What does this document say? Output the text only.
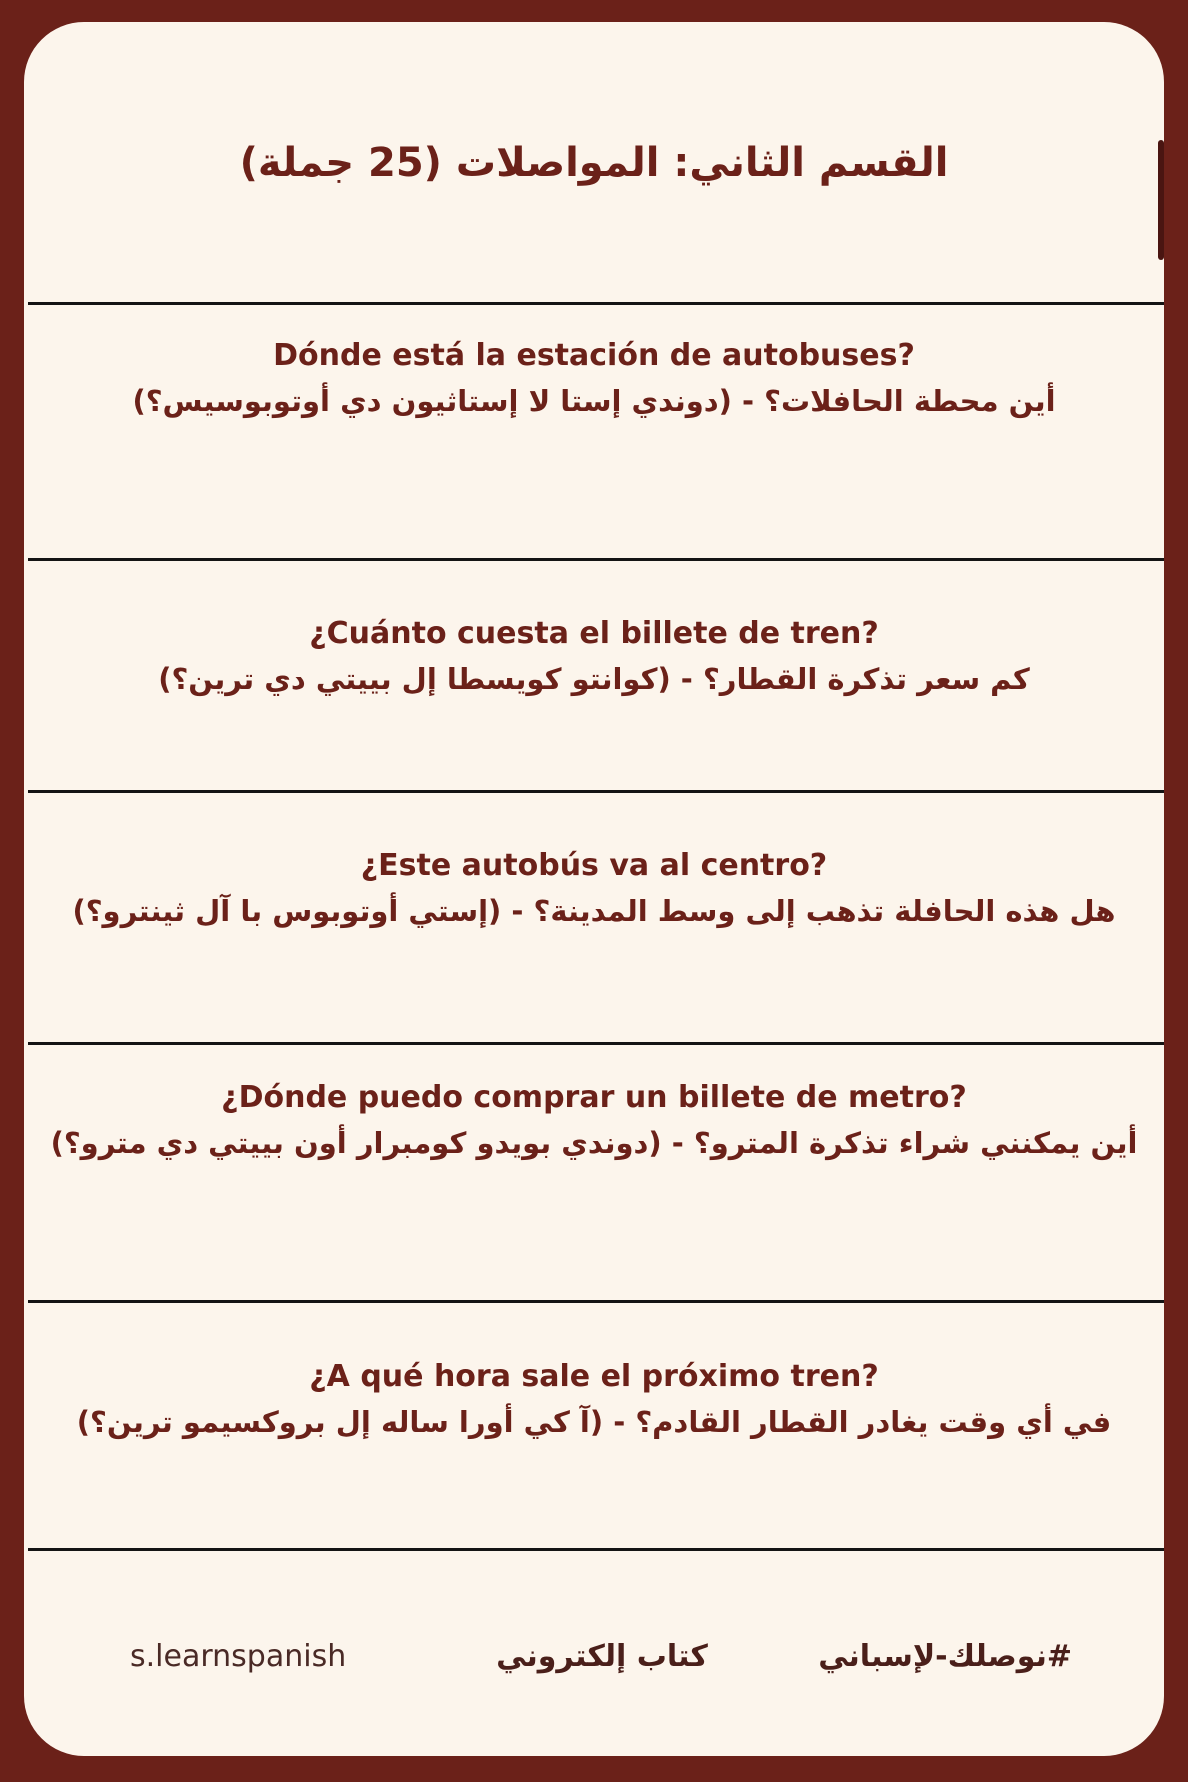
القسم الثاني: المواصلات (25 جملة)
Dónde está la estación de autobuses?
أين محطة الحافلات؟ - (دوندي إستا لا إستاثيون دي أوتوبوسيس؟)
¿Cuánto cuesta el billete de tren?
كم سعر تذكرة القطار؟ - (كوانتو كويسطا إل بييتي دي ترين؟)
¿Este autobús va al centro?
هل هذه الحافلة تذهب إلى وسط المدينة؟ - (إستي أوتوبوس با آل ثينترو؟)
¿Dónde puedo comprar un billete de metro?
أين يمكنني شراء تذكرة المترو؟ - (دوندي بويدو كومبرار أون بييتي دي مترو؟)
¿A qué hora sale el próximo tren?
في أي وقت يغادر القطار القادم؟ - (آ كي أورا ساله إل بروكسيمو ترين؟)
s.learnspanish	كتاب إلكتروني	#نوصلك-لإسباني
